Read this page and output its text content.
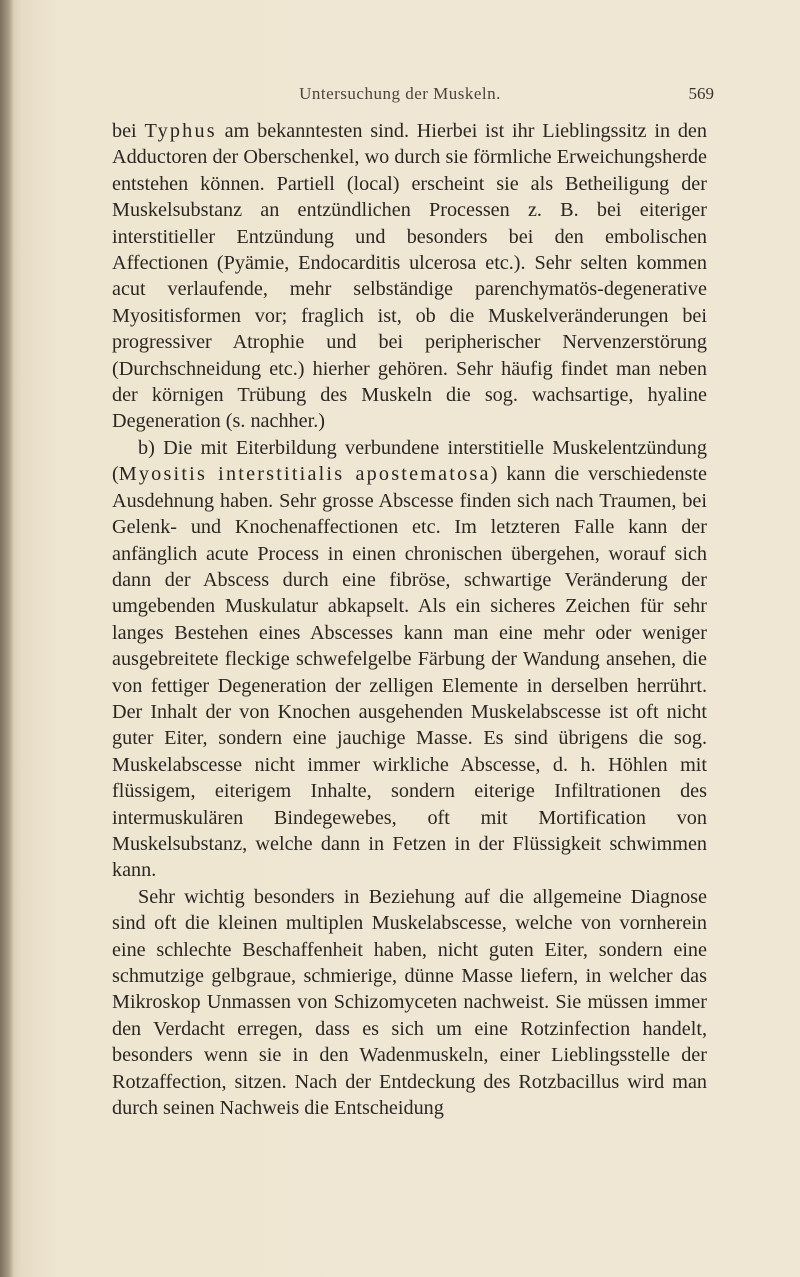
Untersuchung der Muskeln.	569

bei Typhus am bekanntesten sind. Hierbei ist ihr Lieblingssitz in den Adductoren der Oberschenkel, wo durch sie förmliche Erweichungsherde entstehen können. Partiell (local) erscheint sie als Betheiligung der Muskelsubstanz an entzündlichen Processen z. B. bei eiteriger interstitieller Entzündung und besonders bei den embolischen Affectionen (Pyämie, Endocarditis ulcerosa etc.). Sehr selten kommen acut verlaufende, mehr selbständige parenchymatös-degenerative Myositisformen vor; fraglich ist, ob die Muskelveränderungen bei progressiver Atrophie und bei peripherischer Nervenzerstörung (Durchschneidung etc.) hierher gehören. Sehr häufig findet man neben der körnigen Trübung des Muskeln die sog. wachsartige, hyaline Degeneration (s. nachher.)

b) Die mit Eiterbildung verbundene interstitielle Muskelentzündung (Myositis interstitialis apostematosa) kann die verschiedenste Ausdehnung haben. Sehr grosse Abscesse finden sich nach Traumen, bei Gelenk- und Knochenaffectionen etc. Im letzteren Falle kann der anfänglich acute Process in einen chronischen übergehen, worauf sich dann der Abscess durch eine fibröse, schwartige Veränderung der umgebenden Muskulatur abkapselt. Als ein sicheres Zeichen für sehr langes Bestehen eines Abscesses kann man eine mehr oder weniger ausgebreitete fleckige schwefelgelbe Färbung der Wandung ansehen, die von fettiger Degeneration der zelligen Elemente in derselben herrührt. Der Inhalt der von Knochen ausgehenden Muskelabscesse ist oft nicht guter Eiter, sondern eine jauchige Masse. Es sind übrigens die sog. Muskelabscesse nicht immer wirkliche Abscesse, d. h. Höhlen mit flüssigem, eiterigem Inhalte, sondern eiterige Infiltrationen des intermuskulären Bindegewebes, oft mit Mortification von Muskelsubstanz, welche dann in Fetzen in der Flüssigkeit schwimmen kann.

Sehr wichtig besonders in Beziehung auf die allgemeine Diagnose sind oft die kleinen multiplen Muskelabscesse, welche von vornherein eine schlechte Beschaffenheit haben, nicht guten Eiter, sondern eine schmutzige gelbgraue, schmierige, dünne Masse liefern, in welcher das Mikroskop Unmassen von Schizomyceten nachweist. Sie müssen immer den Verdacht erregen, dass es sich um eine Rotzinfection handelt, besonders wenn sie in den Wadenmuskeln, einer Lieblingsstelle der Rotzaffection, sitzen. Nach der Entdeckung des Rotzbacillus wird man durch seinen Nachweis die Entscheidung
